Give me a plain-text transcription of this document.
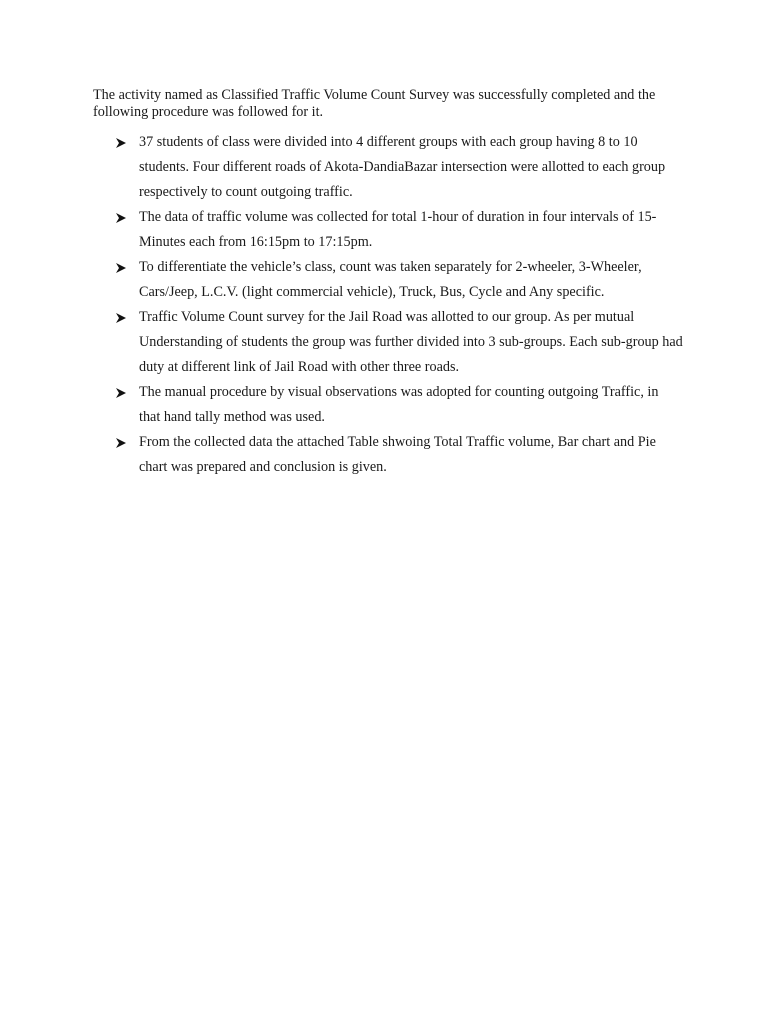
The activity named as Classified Traffic Volume Count Survey was successfully completed and the following procedure was followed for it.

37 students of class were divided into 4 different groups with each group having 8 to 10 students. Four different roads of Akota-DandiaBazar intersection were allotted to each group respectively to count outgoing traffic.
The data of traffic volume was collected for total 1-hour of duration in four intervals of 15-Minutes each from 16:15pm to 17:15pm.
To differentiate the vehicle’s class, count was taken separately for 2-wheeler, 3-Wheeler, Cars/Jeep, L.C.V. (light commercial vehicle), Truck, Bus, Cycle and Any specific.
Traffic Volume Count survey for the Jail Road was allotted to our group. As per mutual Understanding of students the group was further divided into 3 sub-groups. Each sub-group had duty at different link of Jail Road with other three roads.
The manual procedure by visual observations was adopted for counting outgoing Traffic, in that hand tally method was used.
From the collected data the attached Table shwoing Total Traffic volume, Bar chart and Pie chart was prepared and conclusion is given.
